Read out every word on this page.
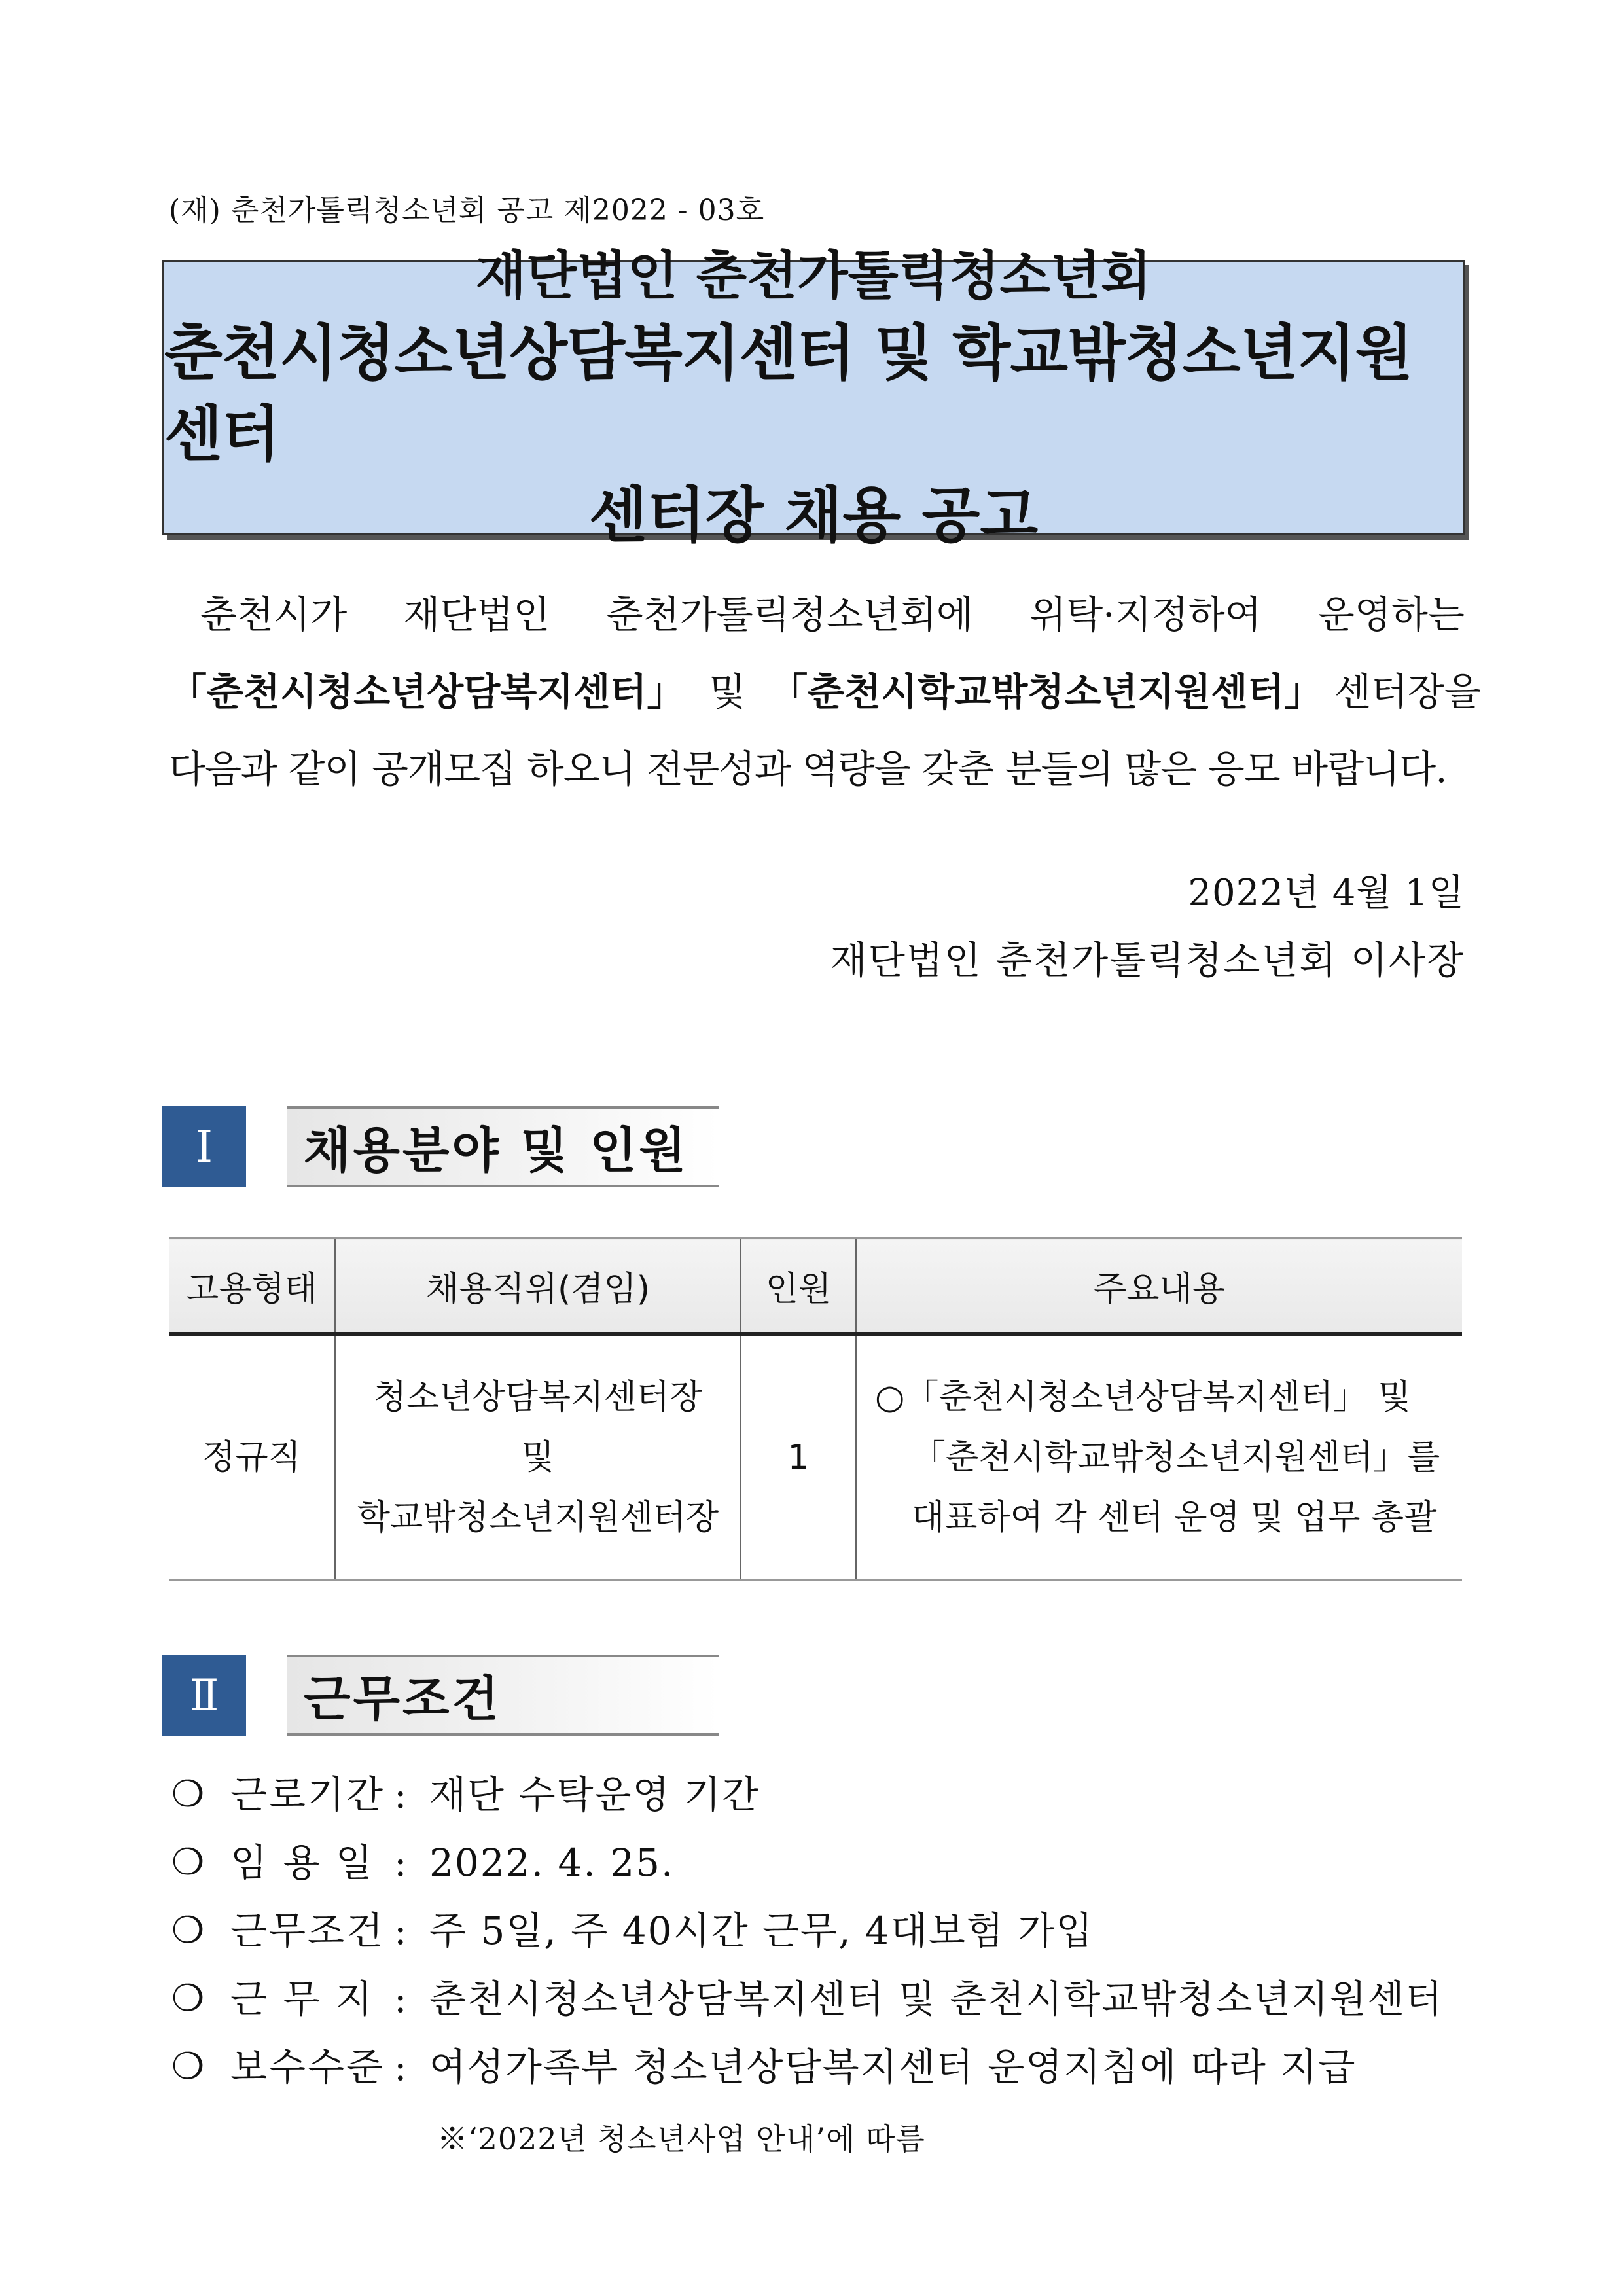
(재) 춘천가톨릭청소년회 공고 제2022 - 03호
재단법인 춘천가톨릭청소년회
춘천시청소년상담복지센터 및 학교밖청소년지원센터
센터장 채용 공고
춘천시가 재단법인 춘천가톨릭청소년회에 위탁·지정하여 운영하는
「춘천시청소년상담복지센터」 및 「춘천시학교밖청소년지원센터」 센터장을
다음과 같이 공개모집 하오니 전문성과 역량을 갖춘 분들의 많은 응모 바랍니다.
2022년 4월 1일
재단법인 춘천가톨릭청소년회 이사장
Ⅰ	채용분야 및 인원
고용형태	채용직위(겸임)	인원	주요내용
정규직	청소년상담복지센터장
및
학교밖청소년지원센터장	1	○「춘천시청소년상담복지센터」 및
「춘천시학교밖청소년지원센터」를
대표하여 각 센터 운영 및 업무 총괄
Ⅱ	근무조건
❍ 근로기간 : 재단 수탁운영 기간
❍ 임 용 일 : 2022. 4. 25.
❍ 근무조건 : 주 5일, 주 40시간 근무, 4대보험 가입
❍ 근 무 지 : 춘천시청소년상담복지센터 및 춘천시학교밖청소년지원센터
❍ 보수수준 : 여성가족부 청소년상담복지센터 운영지침에 따라 지급
※‘2022년 청소년사업 안내’에 따름
